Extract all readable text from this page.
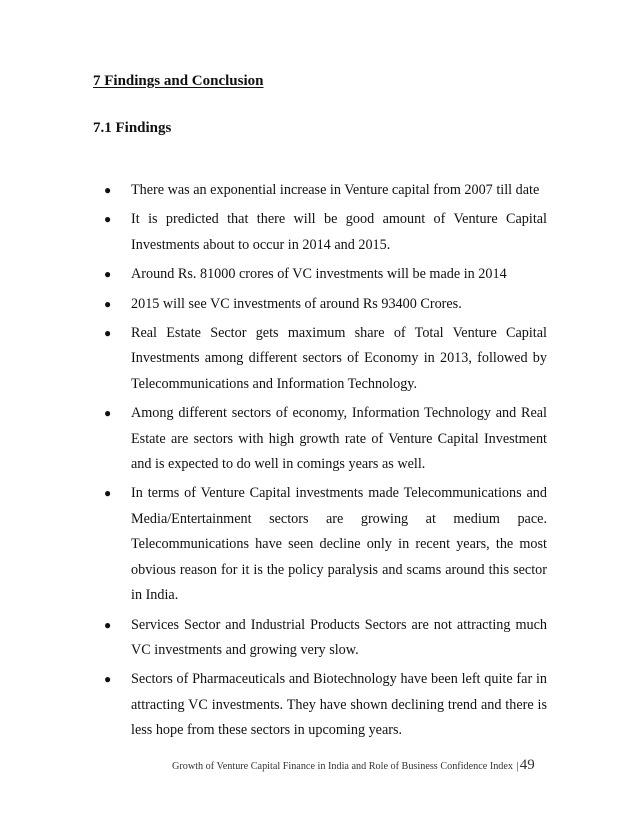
7 Findings and Conclusion
7.1 Findings
● There was an exponential increase in Venture capital from 2007 till date
● It is predicted that there will be good amount of Venture Capital Investments about to occur in 2014 and 2015.
● Around Rs. 81000 crores of VC investments will be made in 2014
● 2015 will see VC investments of around Rs 93400 Crores.
● Real Estate Sector gets maximum share of Total Venture Capital Investments among different sectors of Economy in 2013, followed by Telecommunications and Information Technology.
● Among different sectors of economy, Information Technology and Real Estate are sectors with high growth rate of Venture Capital Investment and is expected to do well in comings years as well.
● In terms of Venture Capital investments made Telecommunications and Media/Entertainment sectors are growing at medium pace. Telecommunications have seen decline only in recent years, the most obvious reason for it is the policy paralysis and scams around this sector in India.
● Services Sector and Industrial Products Sectors are not attracting much VC investments and growing very slow.
● Sectors of Pharmaceuticals and Biotechnology have been left quite far in attracting VC investments. They have shown declining trend and there is less hope from these sectors in upcoming years.
Growth of Venture Capital Finance in India and Role of Business Confidence Index |49
